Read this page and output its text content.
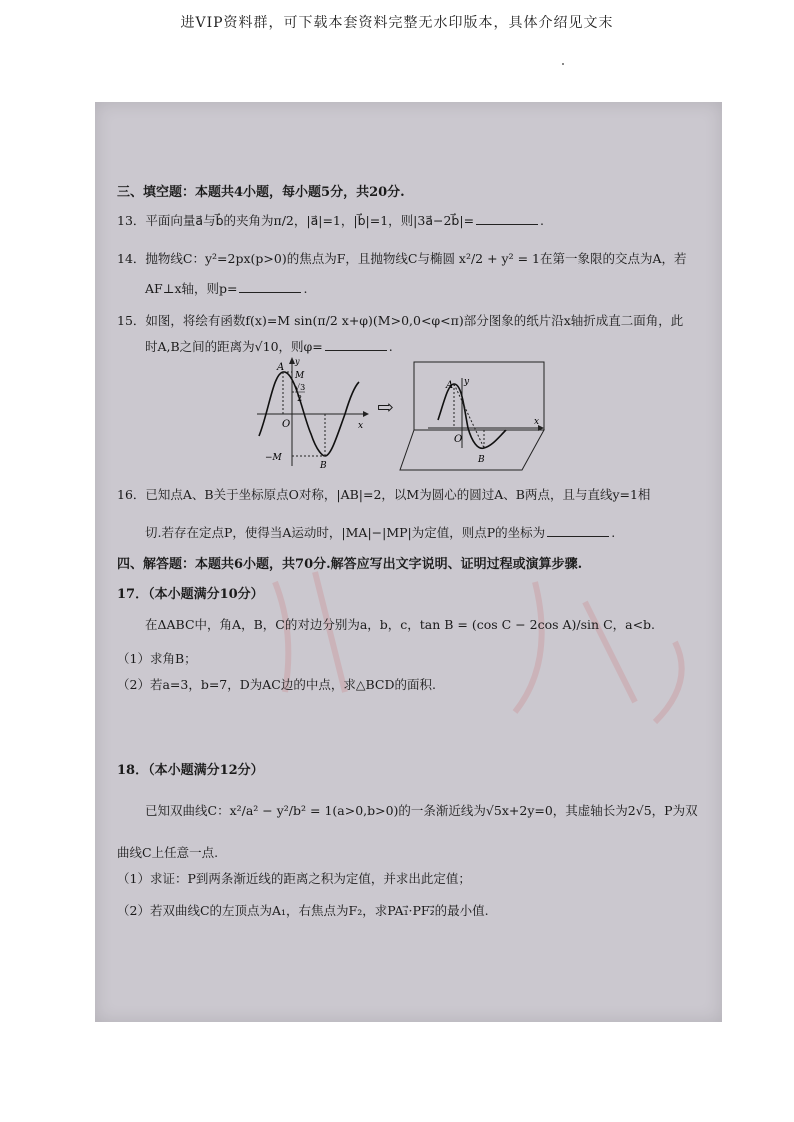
进VIP资料群，可下载本套资料完整无水印版本，具体介绍见文末
三、填空题：本题共4小题，每小题5分，共20分.
13．平面向量a⃗与b⃗的夹角为π/2，|a⃗|=1，|b⃗|=1，则|3a⃗−2b⃗|=	.
14．抛物线C：y²=2px(p>0)的焦点为F，且抛物线C与椭圆 x²/2 + y² = 1在第一象限的交点为A，若
AF⊥x轴，则p=	.
15．如图，将绘有函数f(x)=M sin(π/2 x+φ)(M>0,0<φ<π)部分图象的纸片沿x轴折成直二面角，此
时A,B之间的距离为√10，则φ=	.
A
M
√3
2
O
−M
B
x
y
⇨
A y
O
x
B
16．已知点A、B关于坐标原点O对称，|AB|=2，以M为圆心的圆过A、B两点，且与直线y=1相
切.若存在定点P，使得当A运动时，|MA|−|MP|为定值，则点P的坐标为	.
四、解答题：本题共6小题，共70分.解答应写出文字说明、证明过程或演算步骤.
17．（本小题满分10分）
在ΔABC中，角A，B，C的对边分别为a，b，c，tan B = (cos C − 2cos A)/sin C，a<b.
（1）求角B；
（2）若a=3，b=7，D为AC边的中点，求△BCD的面积.
18．（本小题满分12分）
已知双曲线C：x²/a² − y²/b² = 1(a>0,b>0)的一条渐近线为√5x+2y=0，其虚轴长为2√5，P为双
曲线C上任意一点.
（1）求证：P到两条渐近线的距离之积为定值，并求出此定值；
（2）若双曲线C的左顶点为A₁，右焦点为F₂，求PA₁⃗·PF₂⃗的最小值.
